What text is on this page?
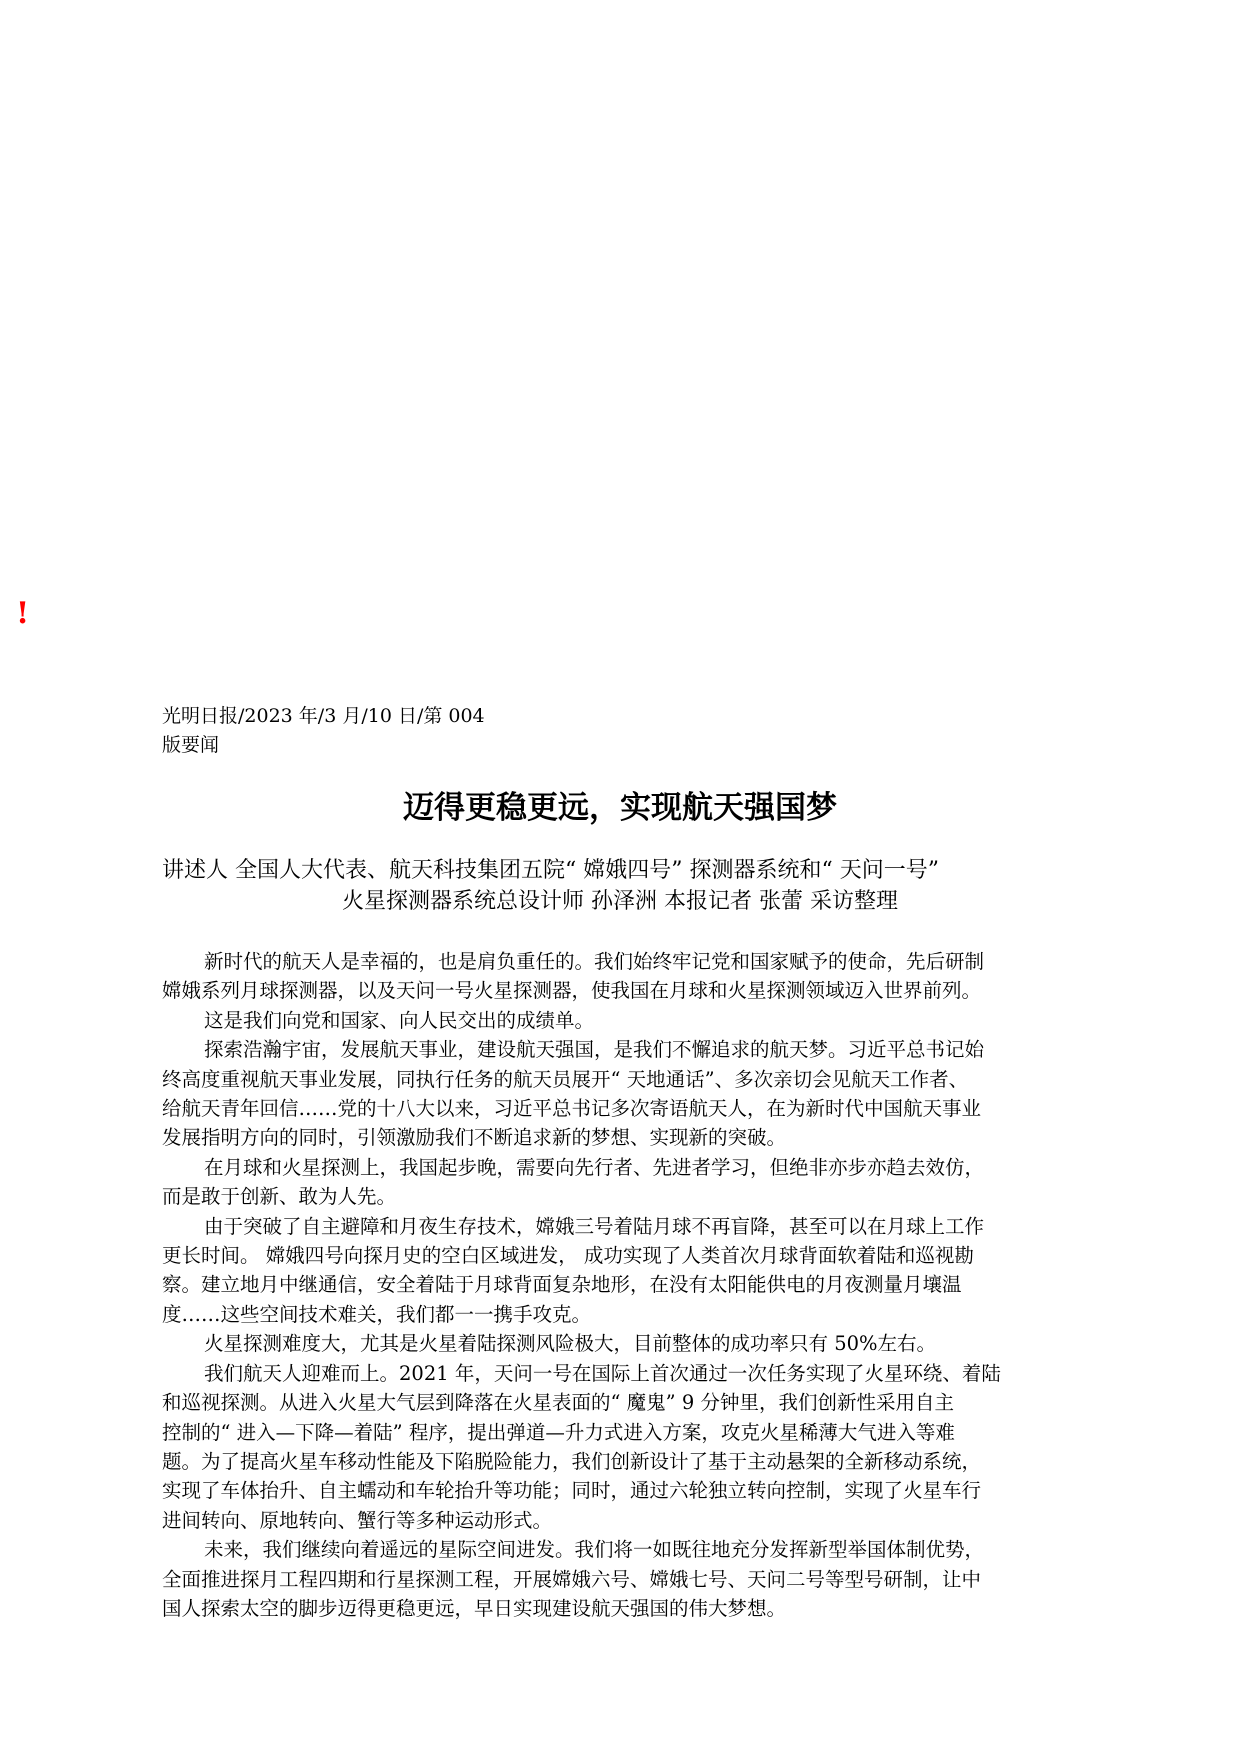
!
光明日报/2023 年/3 月/10 日/第 004
版要闻
迈得更稳更远，实现航天强国梦
讲述人 全国人大代表、航天科技集团五院“ 嫦娥四号” 探测器系统和“ 天问一号”
火星探测器系统总设计师 孙泽洲 本报记者 张蕾 采访整理
新时代的航天人是幸福的，也是肩负重任的。我们始终牢记党和国家赋予的使命，先后研制
嫦娥系列月球探测器，以及天问一号火星探测器，使我国在月球和火星探测领域迈入世界前列。
这是我们向党和国家、向人民交出的成绩单。
探索浩瀚宇宙，发展航天事业，建设航天强国，是我们不懈追求的航天梦。习近平总书记始
终高度重视航天事业发展，同执行任务的航天员展开“ 天地通话”、多次亲切会见航天工作者、
给航天青年回信……党的十八大以来，习近平总书记多次寄语航天人，在为新时代中国航天事业
发展指明方向的同时，引领激励我们不断追求新的梦想、实现新的突破。
在月球和火星探测上，我国起步晚，需要向先行者、先进者学习，但绝非亦步亦趋去效仿，
而是敢于创新、敢为人先。
由于突破了自主避障和月夜生存技术，嫦娥三号着陆月球不再盲降，甚至可以在月球上工作
更长时间。 嫦娥四号向探月史的空白区域进发， 成功实现了人类首次月球背面软着陆和巡视勘
察。建立地月中继通信，安全着陆于月球背面复杂地形，在没有太阳能供电的月夜测量月壤温
度……这些空间技术难关，我们都一一携手攻克。
火星探测难度大，尤其是火星着陆探测风险极大，目前整体的成功率只有 50%左右。
我们航天人迎难而上。2021 年，天问一号在国际上首次通过一次任务实现了火星环绕、着陆
和巡视探测。从进入火星大气层到降落在火星表面的“ 魔鬼” 9 分钟里，我们创新性采用自主
控制的“ 进入—下降—着陆” 程序，提出弹道—升力式进入方案，攻克火星稀薄大气进入等难
题。为了提高火星车移动性能及下陷脱险能力，我们创新设计了基于主动悬架的全新移动系统，
实现了车体抬升、自主蠕动和车轮抬升等功能；同时，通过六轮独立转向控制，实现了火星车行
进间转向、原地转向、蟹行等多种运动形式。
未来，我们继续向着遥远的星际空间进发。我们将一如既往地充分发挥新型举国体制优势，
全面推进探月工程四期和行星探测工程，开展嫦娥六号、嫦娥七号、天问二号等型号研制，让中
国人探索太空的脚步迈得更稳更远，早日实现建设航天强国的伟大梦想。
